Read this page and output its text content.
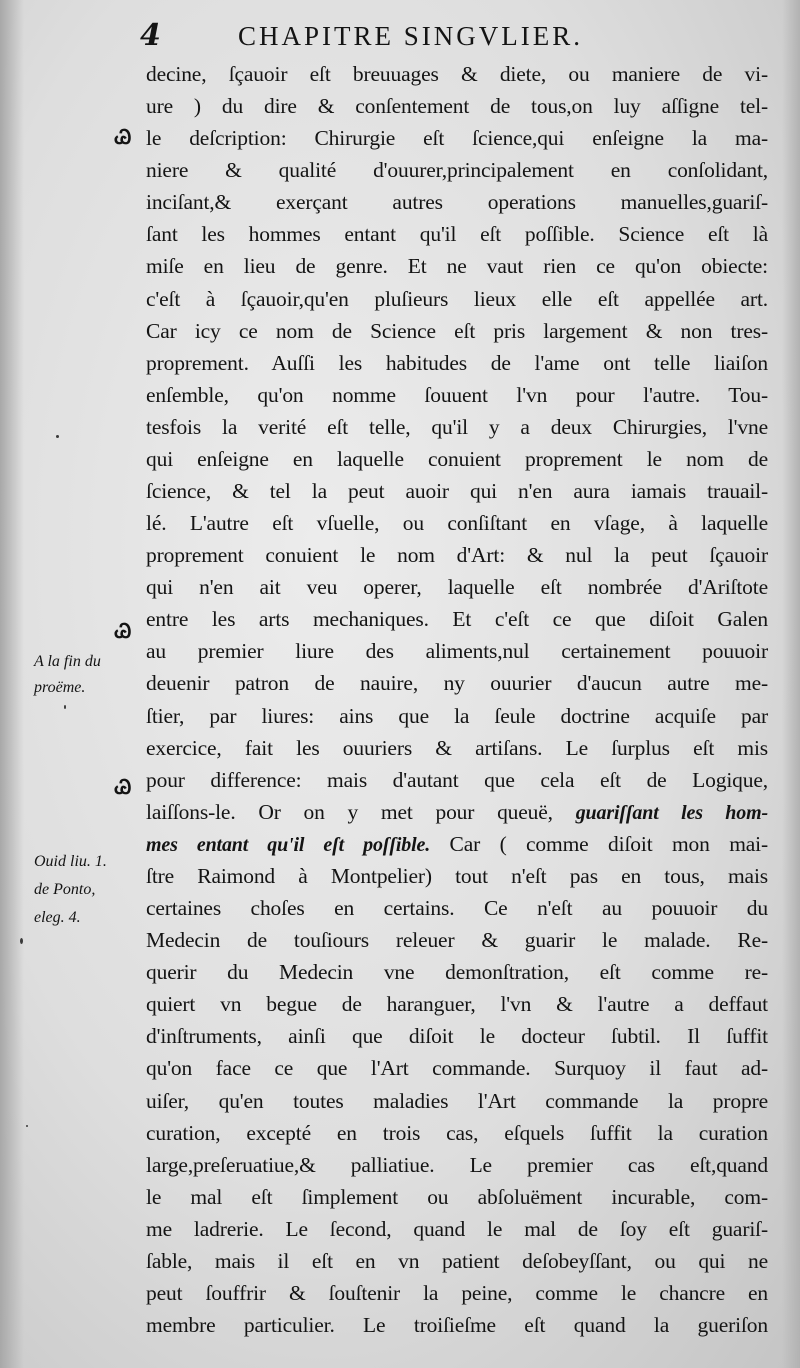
4	CHAPITRE SINGVLIER.
Ꮚ
Ꮚ
Ꮚ
A la fin du
proëme.
Ouid liu. 1.
de Ponto,
eleg. 4.
decine, ſçauoir eſt breuuages & diete, ou maniere de vi-
ure ) du dire & conſentement de tous,on luy aſſigne tel-
le deſcription: Chirurgie eſt ſcience,qui enſeigne la ma-
niere & qualité d'ouurer,principalement en conſolidant,
inciſant,& exerçant autres operations manuelles,guariſ-
ſant les hommes entant qu'il eſt poſſible. Science eſt là
miſe en lieu de genre. Et ne vaut rien ce qu'on obiecte:
c'eſt à ſçauoir,qu'en pluſieurs lieux elle eſt appellée art.
Car icy ce nom de Science eſt pris largement & non tres-
proprement. Auſſi les habitudes de l'ame ont telle liaiſon
enſemble, qu'on nomme ſouuent l'vn pour l'autre. Tou-
tesfois la verité eſt telle, qu'il y a deux Chirurgies, l'vne
qui enſeigne en laquelle conuient proprement le nom de
ſcience, & tel la peut auoir qui n'en aura iamais trauail-
lé. L'autre eſt vſuelle, ou conſiſtant en vſage, à laquelle
proprement conuient le nom d'Art: & nul la peut ſçauoir
qui n'en ait veu operer, laquelle eſt nombrée d'Ariſtote
entre les arts mechaniques. Et c'eſt ce que diſoit Galen
au premier liure des aliments,nul certainement pouuoir
deuenir patron de nauire, ny ouurier d'aucun autre me-
ſtier, par liures: ains que la ſeule doctrine acquiſe par
exercice, fait les ouuriers & artiſans. Le ſurplus eſt mis
pour difference: mais d'autant que cela eſt de Logique,
laiſſons-le. Or on y met pour queuë, guariſſant les hom-
mes entant qu'il eſt poſſible. Car ( comme diſoit mon mai-
ſtre Raimond à Montpelier) tout n'eſt pas en tous, mais
certaines choſes en certains. Ce n'eſt au pouuoir du
Medecin de touſiours releuer & guarir le malade. Re-
querir du Medecin vne demonſtration, eſt comme re-
quiert vn begue de haranguer, l'vn & l'autre a deffaut
d'inſtruments, ainſi que diſoit le docteur ſubtil. Il ſuffit
qu'on face ce que l'Art commande. Surquoy il faut ad-
uiſer, qu'en toutes maladies l'Art commande la propre
curation, excepté en trois cas, eſquels ſuffit la curation
large,preſeruatiue,& palliatiue. Le premier cas eſt,quand
le mal eſt ſimplement ou abſoluëment incurable, com-
me ladrerie. Le ſecond, quand le mal de ſoy eſt guariſ-
ſable, mais il eſt en vn patient deſobeyſſant, ou qui ne
peut ſouffrir & ſouſtenir la peine, comme le chancre en
membre particulier. Le troiſieſme eſt quand la gueriſon
